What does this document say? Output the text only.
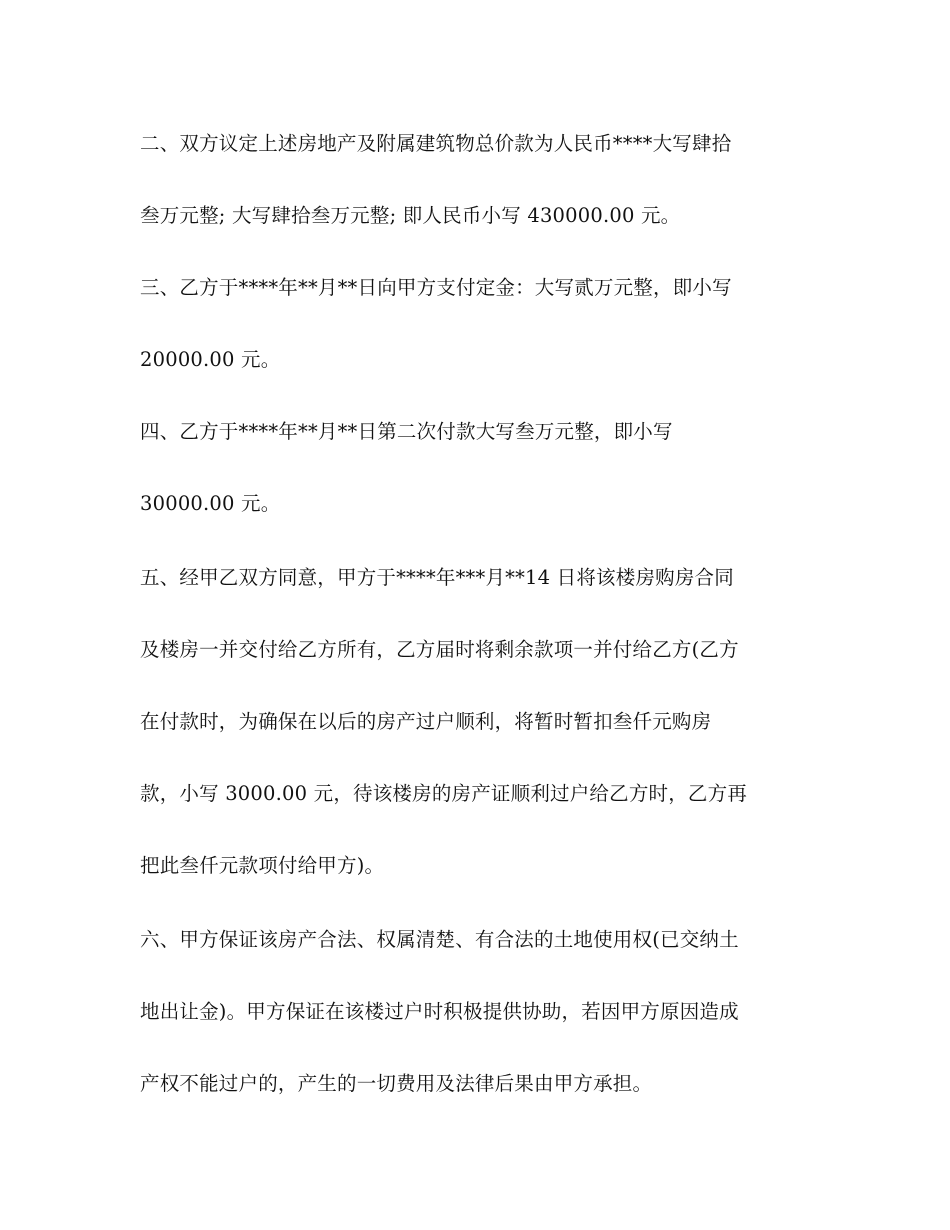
二、双方议定上述房地产及附属建筑物总价款为人民币****大写肆拾
叁万元整; 大写肆拾叁万元整; 即人民币小写 430000.00 元。
三、乙方于****年**月**日向甲方支付定金：大写贰万元整，即小写
20000.00 元。
四、乙方于****年**月**日第二次付款大写叁万元整，即小写
30000.00 元。
五、经甲乙双方同意，甲方于****年***月**14 日将该楼房购房合同
及楼房一并交付给乙方所有，乙方届时将剩余款项一并付给乙方(乙方
在付款时，为确保在以后的房产过户顺利，将暂时暂扣叁仟元购房
款，小写 3000.00 元，待该楼房的房产证顺利过户给乙方时，乙方再
把此叁仟元款项付给甲方)。
六、甲方保证该房产合法、权属清楚、有合法的土地使用权(已交纳土
地出让金)。甲方保证在该楼过户时积极提供协助，若因甲方原因造成
产权不能过户的，产生的一切费用及法律后果由甲方承担。
